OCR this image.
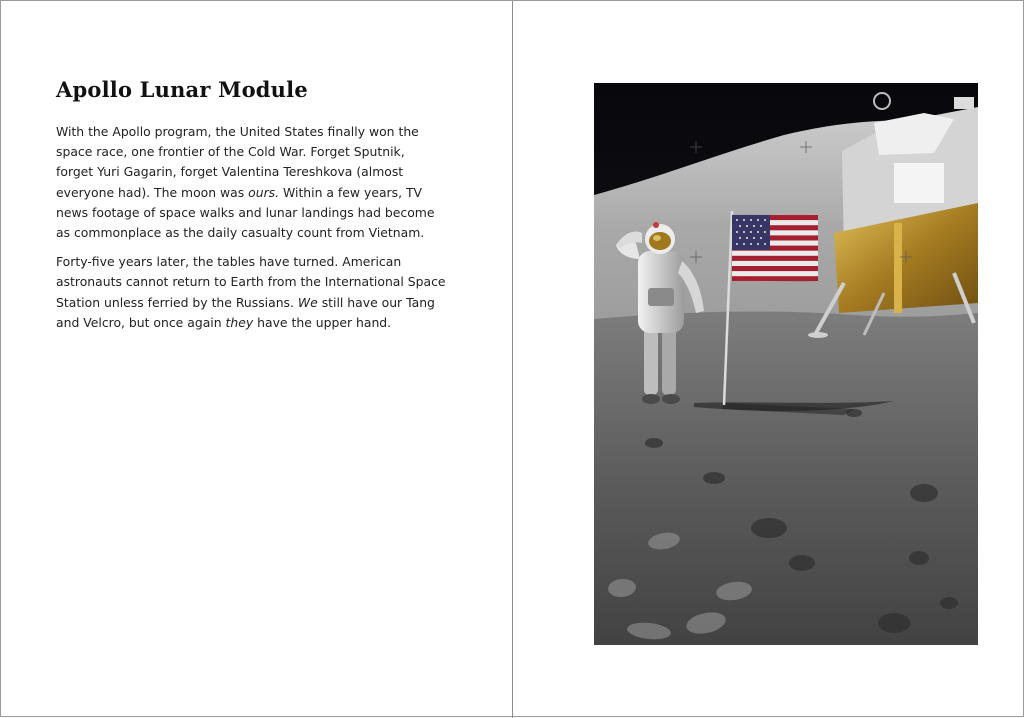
Apollo Lunar Module

With the Apollo program, the United States finally won the
space race, one frontier of the Cold War. Forget Sputnik,
forget Yuri Gagarin, forget Valentina Tereshkova (almost
everyone had). The moon was ours. Within a few years, TV
news footage of space walks and lunar landings had become
as commonplace as the daily casualty count from Vietnam.

Forty-five years later, the tables have turned. American
astronauts cannot return to Earth from the International Space
Station unless ferried by the Russians. We still have our Tang
and Velcro, but once again they have the upper hand.
